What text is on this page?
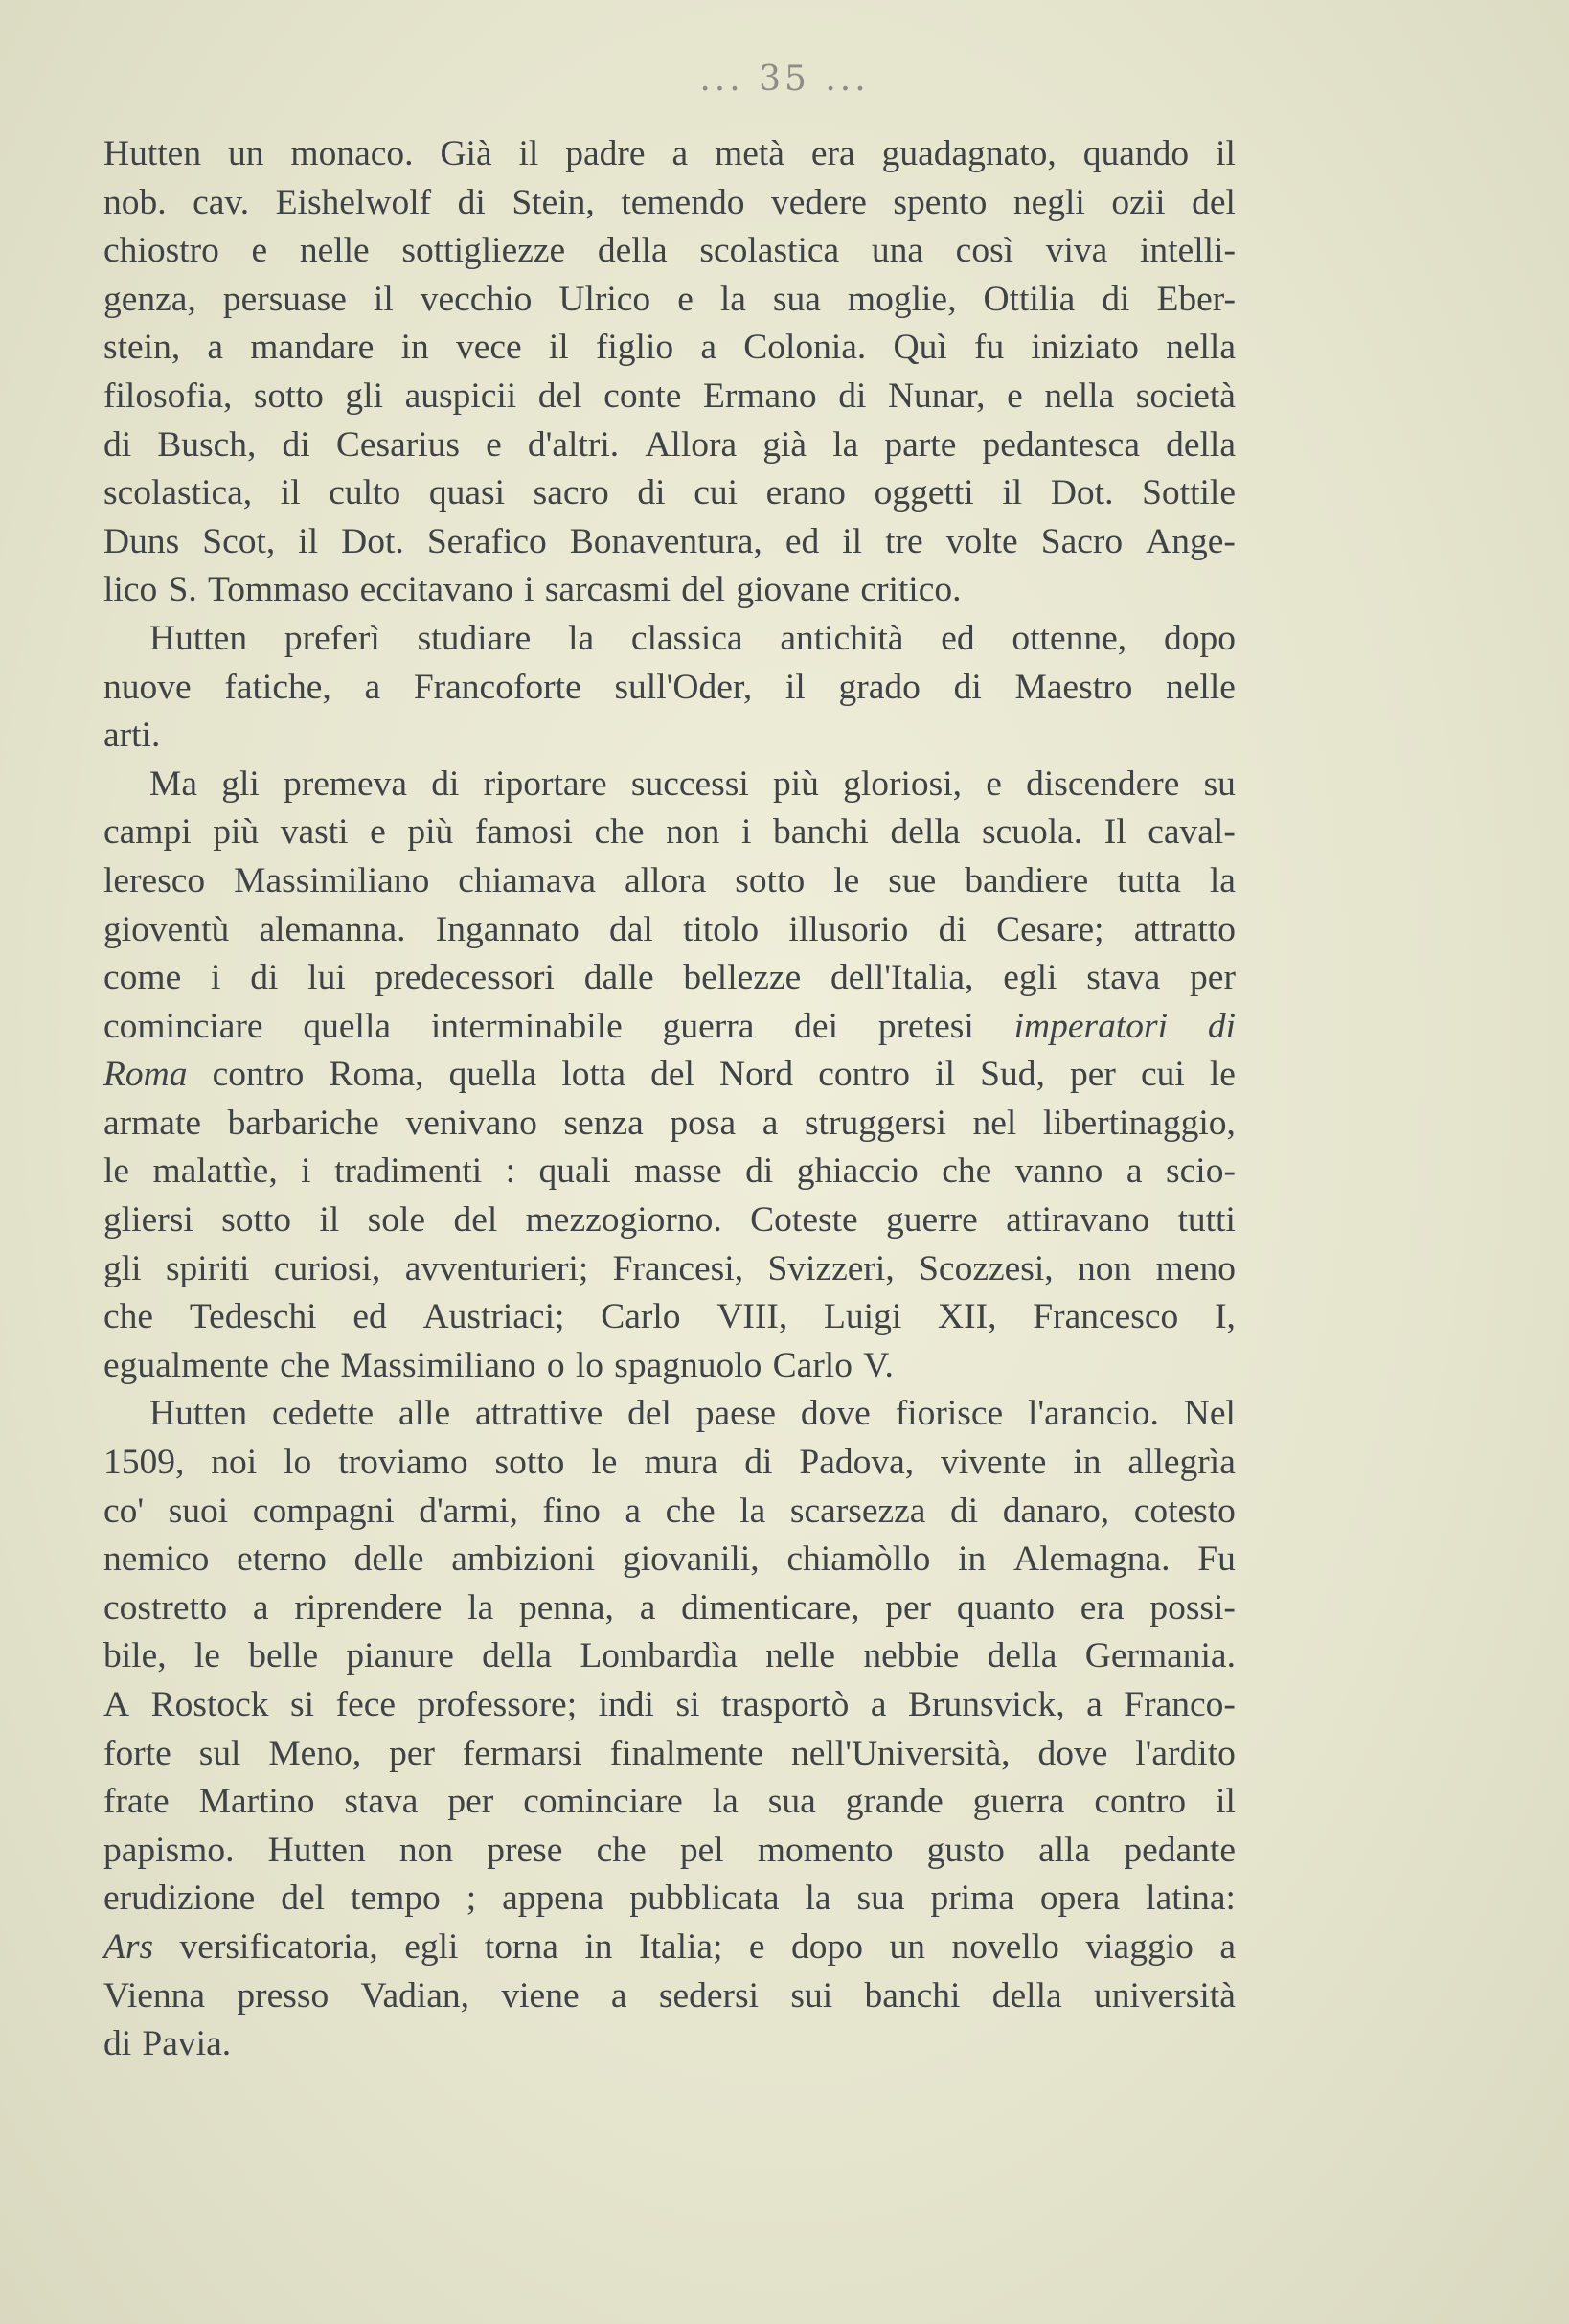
... 35 ...
Hutten un monaco. Già il padre a metà era guadagnato, quando il
nob. cav. Eishelwolf di Stein, temendo vedere spento negli ozii del
chiostro e nelle sottigliezze della scolastica una così viva intelli-
genza, persuase il vecchio Ulrico e la sua moglie, Ottilia di Eber-
stein, a mandare in vece il figlio a Colonia. Quì fu iniziato nella
filosofia, sotto gli auspicii del conte Ermano di Nunar, e nella società
di Busch, di Cesarius e d'altri. Allora già la parte pedantesca della
scolastica, il culto quasi sacro di cui erano oggetti il Dot. Sottile
Duns Scot, il Dot. Serafico Bonaventura, ed il tre volte Sacro Ange-
lico S. Tommaso eccitavano i sarcasmi del giovane critico.
Hutten preferì studiare la classica antichità ed ottenne, dopo
nuove fatiche, a Francoforte sull'Oder, il grado di Maestro nelle
arti.
Ma gli premeva di riportare successi più gloriosi, e discendere su
campi più vasti e più famosi che non i banchi della scuola. Il caval-
leresco Massimiliano chiamava allora sotto le sue bandiere tutta la
gioventù alemanna. Ingannato dal titolo illusorio di Cesare; attratto
come i di lui predecessori dalle bellezze dell'Italia, egli stava per
cominciare quella interminabile guerra dei pretesi imperatori di
Roma contro Roma, quella lotta del Nord contro il Sud, per cui le
armate barbariche venivano senza posa a struggersi nel libertinaggio,
le malattìe, i tradimenti : quali masse di ghiaccio che vanno a scio-
gliersi sotto il sole del mezzogiorno. Coteste guerre attiravano tutti
gli spiriti curiosi, avventurieri; Francesi, Svizzeri, Scozzesi, non meno
che Tedeschi ed Austriaci; Carlo VIII, Luigi XII, Francesco I,
egualmente che Massimiliano o lo spagnuolo Carlo V.
Hutten cedette alle attrattive del paese dove fiorisce l'arancio. Nel
1509, noi lo troviamo sotto le mura di Padova, vivente in allegrìa
co' suoi compagni d'armi, fino a che la scarsezza di danaro, cotesto
nemico eterno delle ambizioni giovanili, chiamòllo in Alemagna. Fu
costretto a riprendere la penna, a dimenticare, per quanto era possi-
bile, le belle pianure della Lombardìa nelle nebbie della Germania.
A Rostock si fece professore; indi si trasportò a Brunsvick, a Franco-
forte sul Meno, per fermarsi finalmente nell'Università, dove l'ardito
frate Martino stava per cominciare la sua grande guerra contro il
papismo. Hutten non prese che pel momento gusto alla pedante
erudizione del tempo ; appena pubblicata la sua prima opera latina:
Ars versificatoria, egli torna in Italia; e dopo un novello viaggio a
Vienna presso Vadian, viene a sedersi sui banchi della università
di Pavia.
